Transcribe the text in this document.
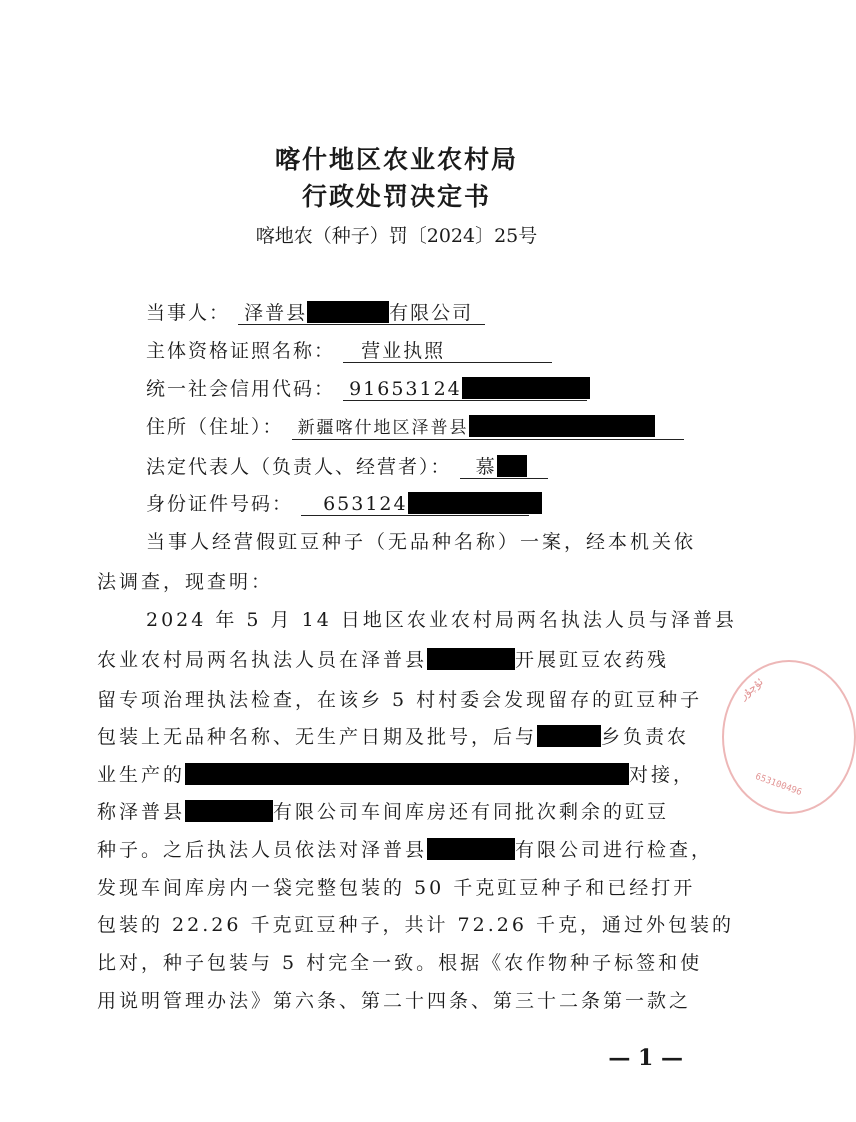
喀什地区农业农村局
行政处罚决定书
喀地农（种子）罚〔2024〕25号
当事人： 泽普县	有限公司
主体资格证照名称： 营业执照
统一社会信用代码： 91653124
住所（住址）： 新疆喀什地区泽普县
法定代表人（负责人、经营者）： 慕
身份证件号码： 653124
当事人经营假豇豆种子（无品种名称）一案，经本机关依
法调查，现查明：
2024 年 5 月 14 日地区农业农村局两名执法人员与泽普县
农业农村局两名执法人员在泽普县	开展豇豆农药残
留专项治理执法检查，在该乡 5 村村委会发现留存的豇豆种子
包装上无品种名称、无生产日期及批号，后与	乡负责农
业生产的	对接，
称泽普县	有限公司车间库房还有同批次剩余的豇豆
种子。之后执法人员依法对泽普县	有限公司进行检查，
发现车间库房内一袋完整包装的 50 千克豇豆种子和已经打开
包装的 22.26 千克豇豆种子，共计 72.26 千克，通过外包装的
比对，种子包装与 5 村完全一致。根据《农作物种子标签和使
用说明管理办法》第六条、第二十四条、第三十二条第一款之
— 1 —
ئۇچۇر
653100496
